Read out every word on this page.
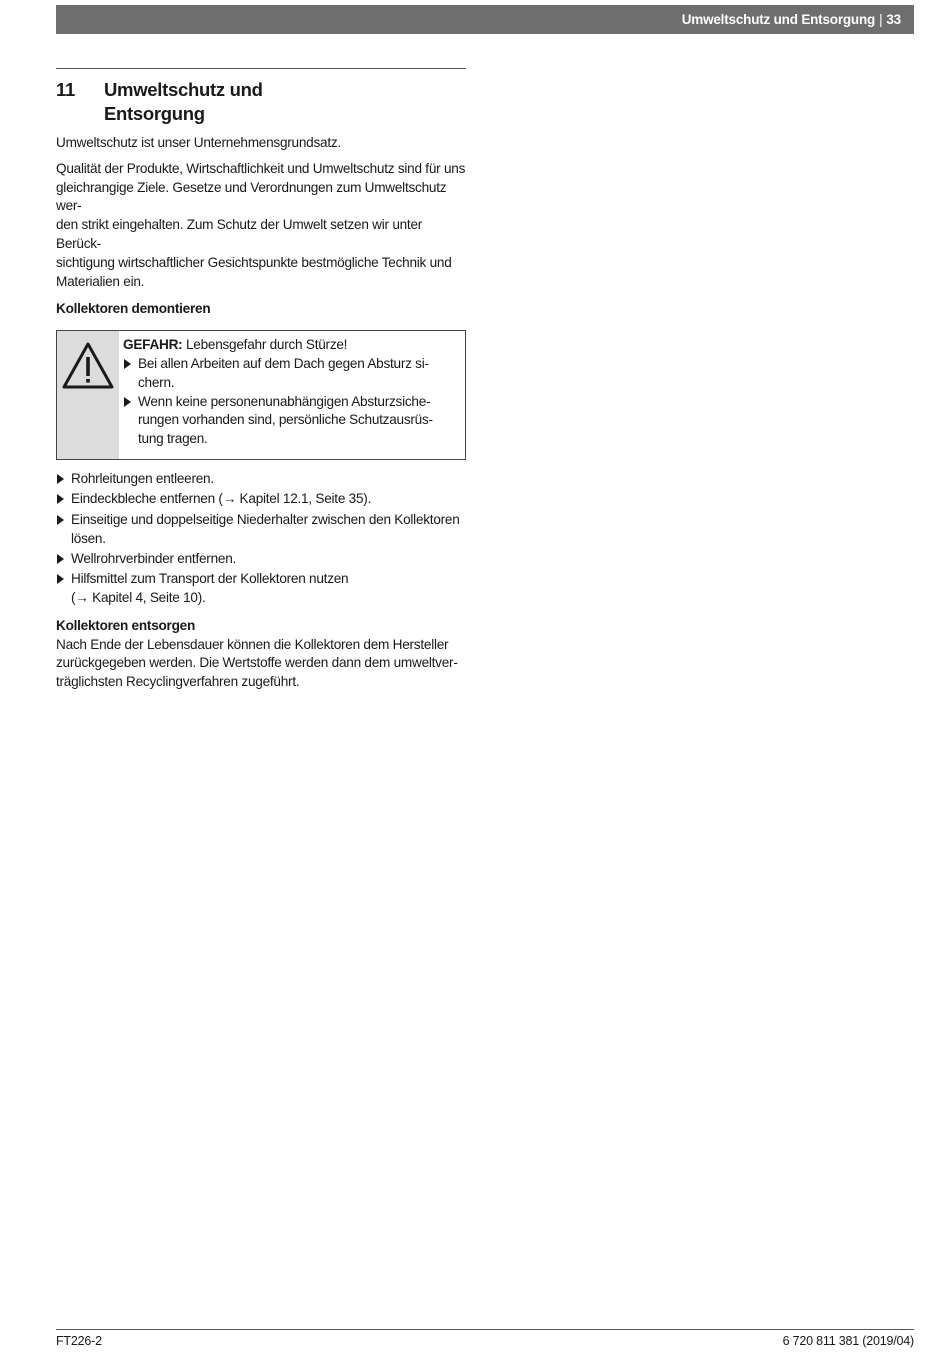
Umweltschutz und Entsorgung | 33
11	Umweltschutz und
Entsorgung

Umweltschutz ist unser Unternehmensgrundsatz.

Qualität der Produkte, Wirtschaftlichkeit und Umweltschutz sind für uns
gleichrangige Ziele. Gesetze und Verordnungen zum Umweltschutz wer-
den strikt eingehalten. Zum Schutz der Umwelt setzen wir unter Berück-
sichtigung wirtschaftlicher Gesichtspunkte bestmögliche Technik und
Materialien ein.

Kollektoren demontieren
GEFAHR: Lebensgefahr durch Stürze!
Bei allen Arbeiten auf dem Dach gegen Absturz si-
chern.
Wenn keine personenunabhängigen Absturzsiche-
rungen vorhanden sind, persönliche Schutzausrüs-
tung tragen.
Rohrleitungen entleeren.
Eindeckbleche entfernen (→ Kapitel 12.1, Seite 35).
Einseitige und doppelseitige Niederhalter zwischen den Kollektoren
lösen.
Wellrohrverbinder entfernen.
Hilfsmittel zum Transport der Kollektoren nutzen
(→ Kapitel 4, Seite 10).
Kollektoren entsorgen

Nach Ende der Lebensdauer können die Kollektoren dem Hersteller
zurückgegeben werden. Die Wertstoffe werden dann dem umweltver-
träglichsten Recyclingverfahren zugeführt.

FT226-2	6 720 811 381 (2019/04)
